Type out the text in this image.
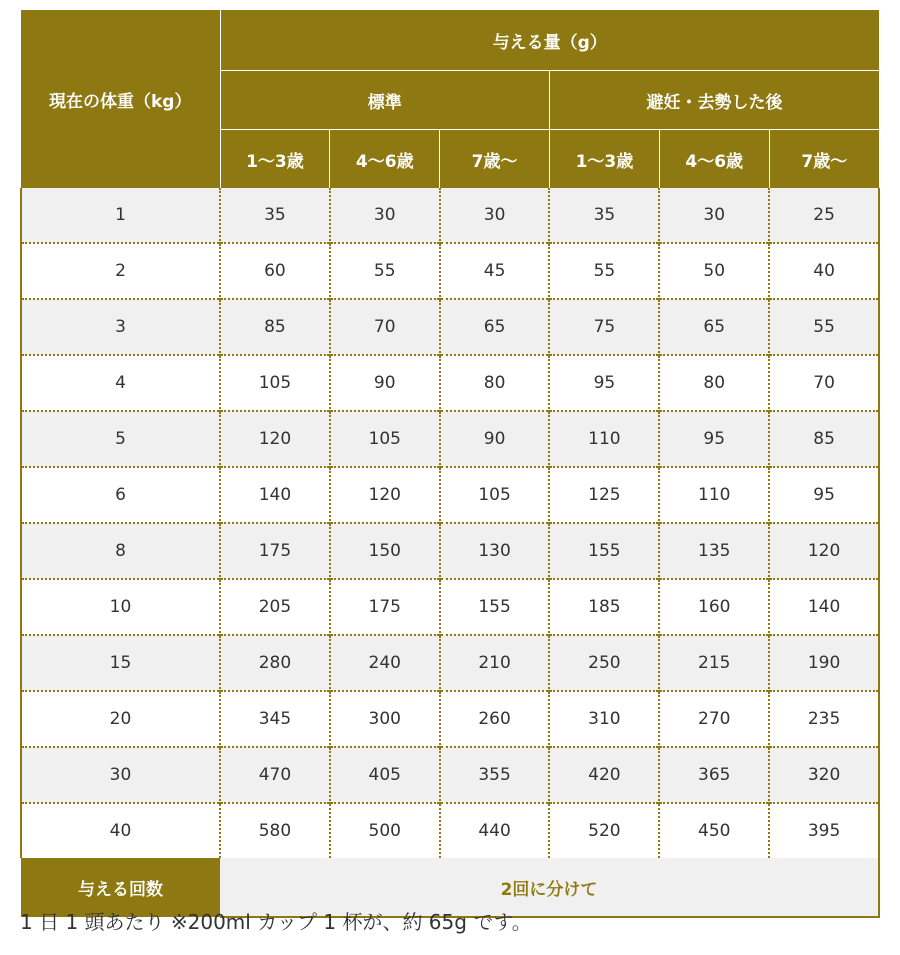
現在の体重（kg）	与える量（g）					
	標準			避妊・去勢した後		
	1〜3歳	4〜6歳	7歳〜	1〜3歳	4〜6歳	7歳〜
1	35	30	30	35	30	25
2	60	55	45	55	50	40
3	85	70	65	75	65	55
4	105	90	80	95	80	70
5	120	105	90	110	95	85
6	140	120	105	125	110	95
8	175	150	130	155	135	120
10	205	175	155	185	160	140
15	280	240	210	250	215	190
20	345	300	260	310	270	235
30	470	405	355	420	365	320
40	580	500	440	520	450	395
与える回数	2回に分けて					
1 日 1 頭あたり ※200ml カップ 1 杯が、約 65g です。
